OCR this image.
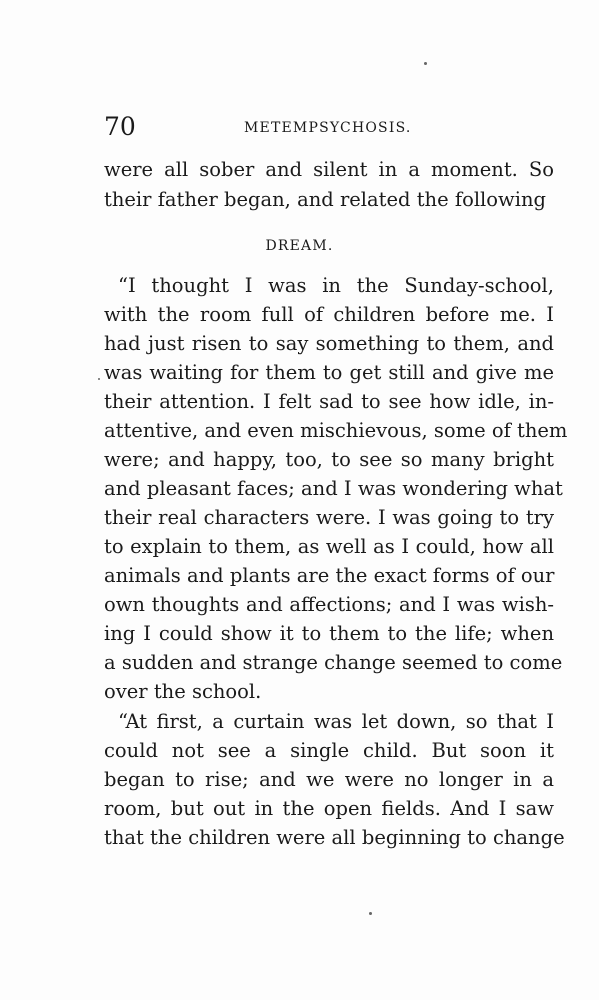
70	METEMPSYCHOSIS.
were all sober and silent in a moment. So
their father began, and related the following
DREAM.
“I thought I was in the Sunday-school,
with the room full of children before me. I
had just risen to say something to them, and
was waiting for them to get still and give me
their attention. I felt sad to see how idle, in-
attentive, and even mischievous, some of them
were; and happy, too, to see so many bright
and pleasant faces; and I was wondering what
their real characters were. I was going to try
to explain to them, as well as I could, how all
animals and plants are the exact forms of our
own thoughts and affections; and I was wish-
ing I could show it to them to the life; when
a sudden and strange change seemed to come
over the school.
“At first, a curtain was let down, so that I
could not see a single child. But soon it
began to rise; and we were no longer in a
room, but out in the open fields. And I saw
that the children were all beginning to change
